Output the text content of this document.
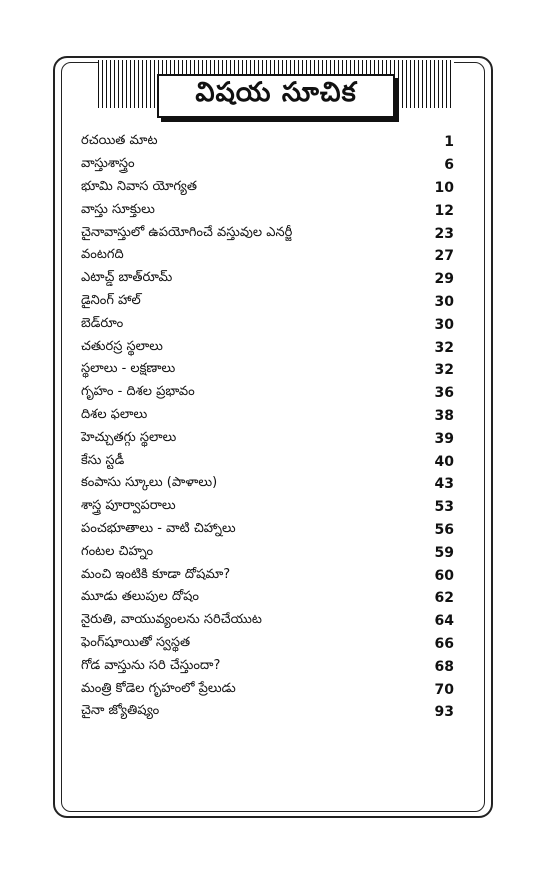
విషయ సూచిక
రచయిత మాట	1
వాస్తుశాస్త్రం	6
భూమి నివాస యోగ్యత	10
వాస్తు సూక్తులు	12
చైనావాస్తులో ఉపయోగించే వస్తువుల ఎనర్జీ	23
వంటగది	27
ఎటాచ్డ్ బాత్‌రూమ్	29
డైనింగ్ హాల్	30
బెడ్‌రూం	30
చతురస్ర స్థలాలు	32
స్థలాలు - లక్షణాలు	32
గృహం - దిశల ప్రభావం	36
దిశల ఫలాలు	38
హెచ్చుతగ్గు స్థలాలు	39
కేసు స్టడీ	40
కంపాసు స్కూలు (పాళాలు)	43
శాస్త్ర పూర్వాపరాలు	53
పంచభూతాలు - వాటి చిహ్నాలు	56
గంటల చిహ్నం	59
మంచి ఇంటికి కూడా దోషమా?	60
మూడు తలుపుల దోషం	62
నైరుతి, వాయువ్యంలను సరిచేయుట	64
ఫెంగ్‌షూయితో స్వస్థత	66
గోడ వాస్తును సరి చేస్తుందా?	68
మంత్రి కోడెల గృహంలో ప్రేలుడు	70
చైనా జ్యోతిష్యం	93
